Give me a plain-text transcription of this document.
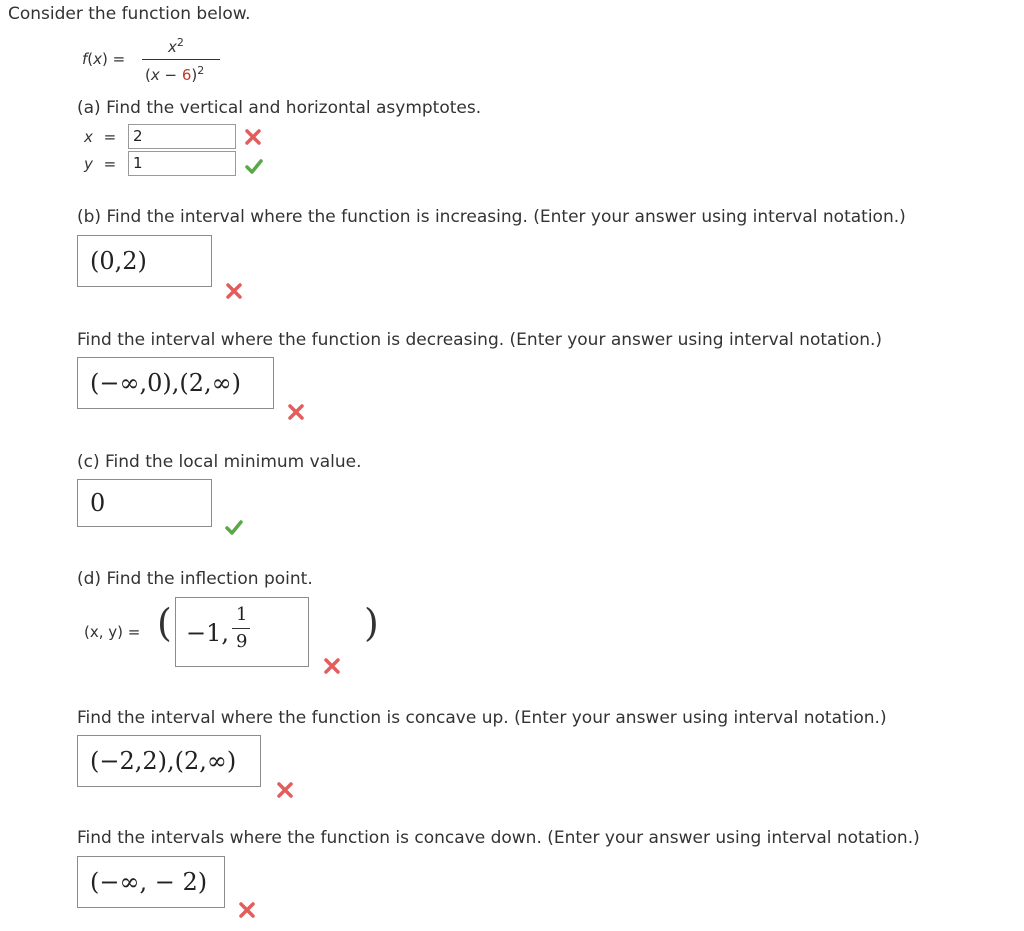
Consider the function below.
f(x) =
$x^2$
$(x - 6)^2$
(a) Find the vertical and horizontal asymptotes.
x =	2
y =	1
(b) Find the interval where the function is increasing. (Enter your answer using interval notation.)
(0,2)
Find the interval where the function is decreasing. (Enter your answer using interval notation.)
(−∞,0),(2,∞)
(c) Find the local minimum value.
0
(d) Find the inflection point.
(x, y) = ( −1,
1
9	)
Find the interval where the function is concave up. (Enter your answer using interval notation.)
(−2,2),(2,∞)
Find the intervals where the function is concave down. (Enter your answer using interval notation.)
(−∞, − 2)
